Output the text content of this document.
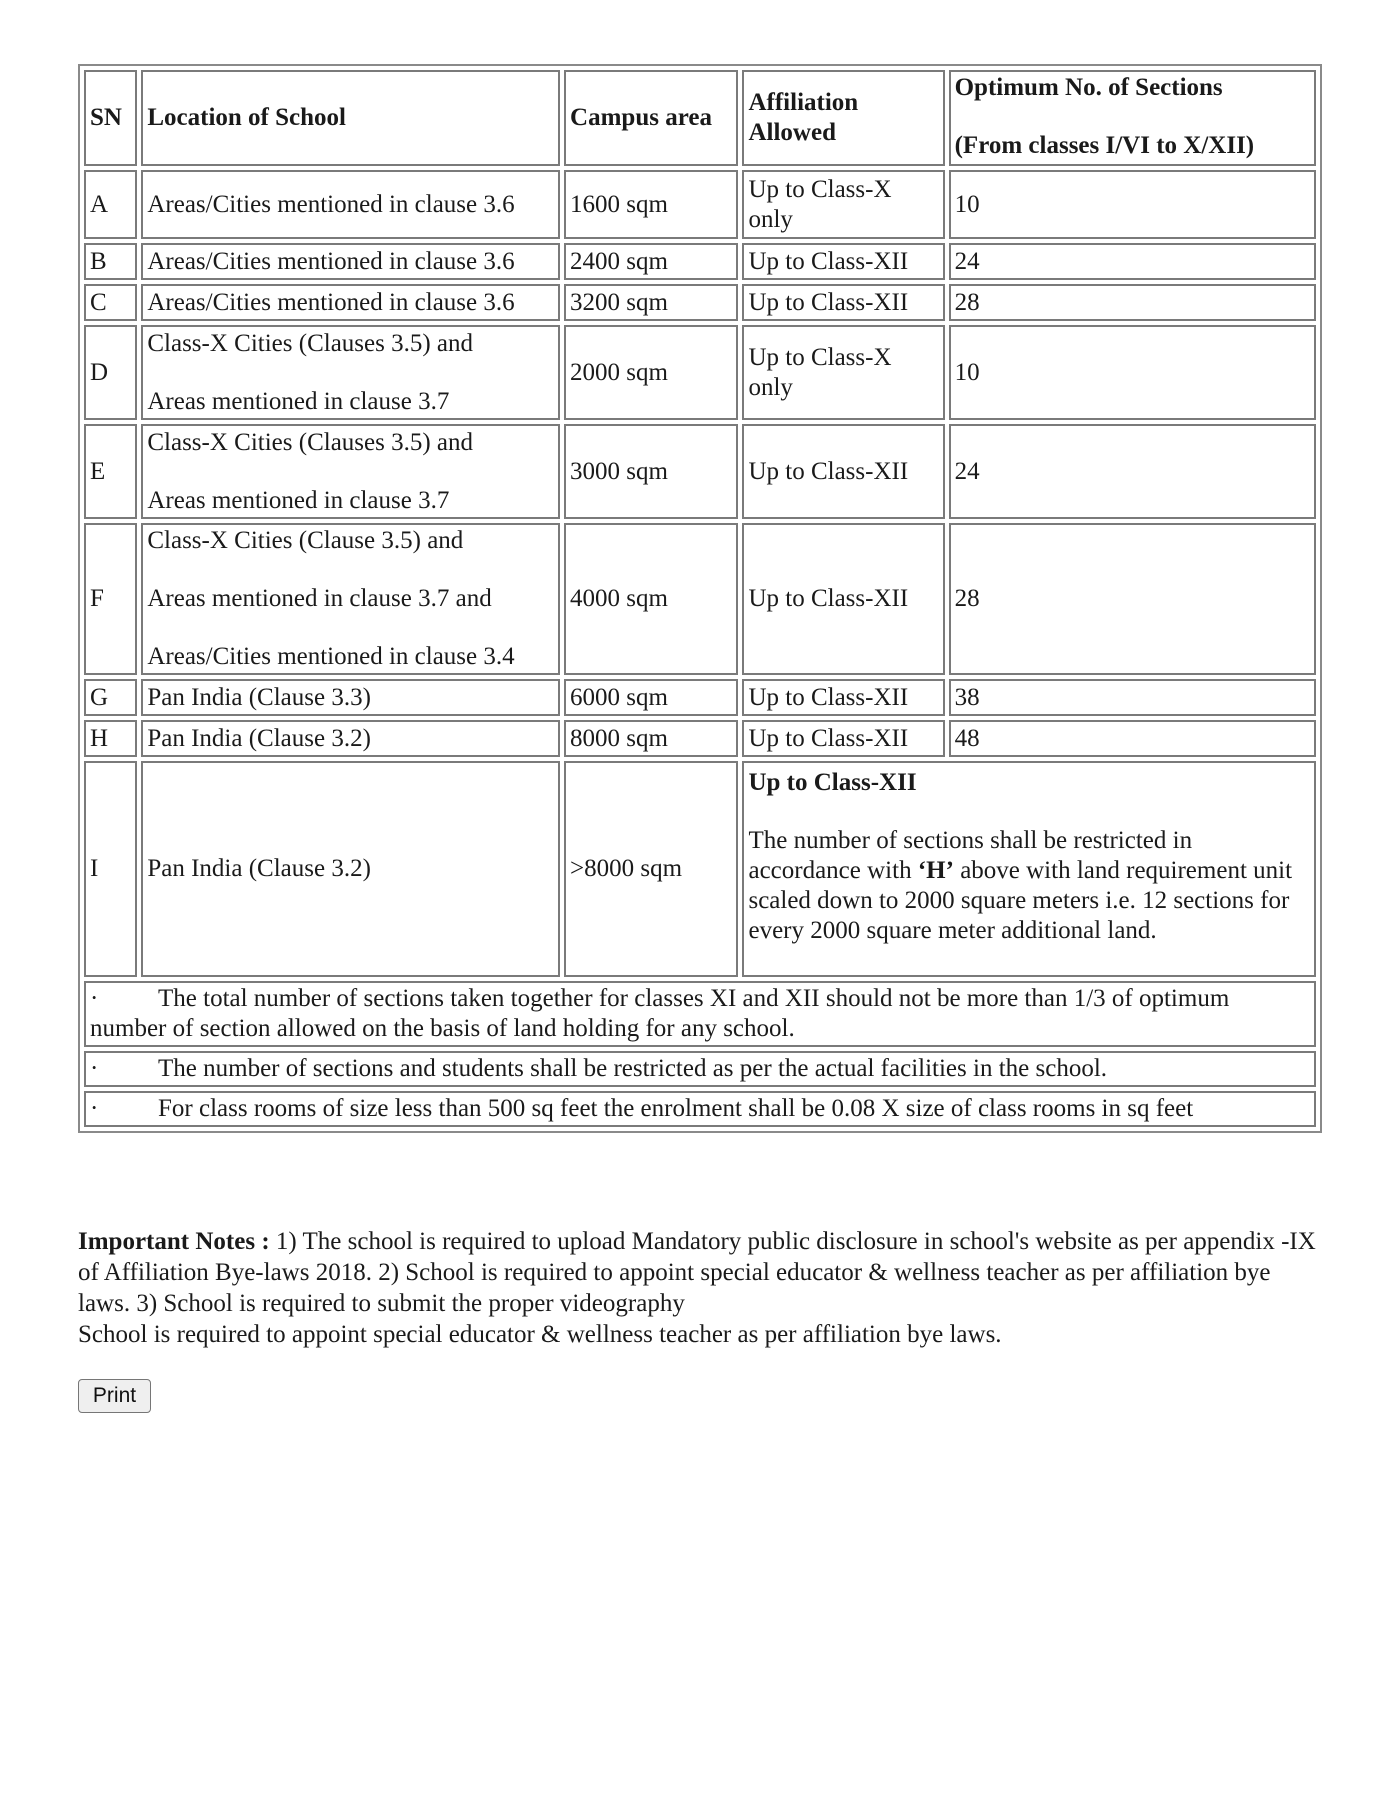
SN	Location of School	Campus area	Affiliation Allowed	Optimum No. of Sections
(From classes I/VI to X/XII)

A	Areas/Cities mentioned in clause 3.6	1600 sqm	Up to Class-X only	10
B	Areas/Cities mentioned in clause 3.6	2400 sqm	Up to Class-XII	24
C	Areas/Cities mentioned in clause 3.6	3200 sqm	Up to Class-XII	28
D	Class-X Cities (Clauses 3.5) and
Areas mentioned in clause 3.7	2000 sqm	Up to Class-X only	10
E	Class-X Cities (Clauses 3.5) and
Areas mentioned in clause 3.7	3000 sqm	Up to Class-XII	24
F	Class-X Cities (Clause 3.5) and
Areas mentioned in clause 3.7 and
Areas/Cities mentioned in clause 3.4	4000 sqm	Up to Class-XII	28
G	Pan India (Clause 3.3)	6000 sqm	Up to Class-XII	38
H	Pan India (Clause 3.2)	8000 sqm	Up to Class-XII	48
I	Pan India (Clause 3.2)	>8000 sqm	Up to Class-XII
The number of sections shall be restricted in accordance with ‘H’ above with land requirement unit scaled down to 2000 square meters i.e. 12 sections for every 2000 square meter additional land.	

· The total number of sections taken together for classes XI and XII should not be more than 1/3 of optimum number of section allowed on the basis of land holding for any school.				
· The number of sections and students shall be restricted as per the actual facilities in the school.				
· For class rooms of size less than 500 sq feet the enrolment shall be 0.08 X size of class rooms in sq feet				
Important Notes : 1) The school is required to upload Mandatory public disclosure in school's website as per appendix -IX of Affiliation Bye-laws 2018. 2) School is required to appoint special educator & wellness teacher as per affiliation bye laws. 3) School is required to submit the proper videography
School is required to appoint special educator & wellness teacher as per affiliation bye laws.
Print
